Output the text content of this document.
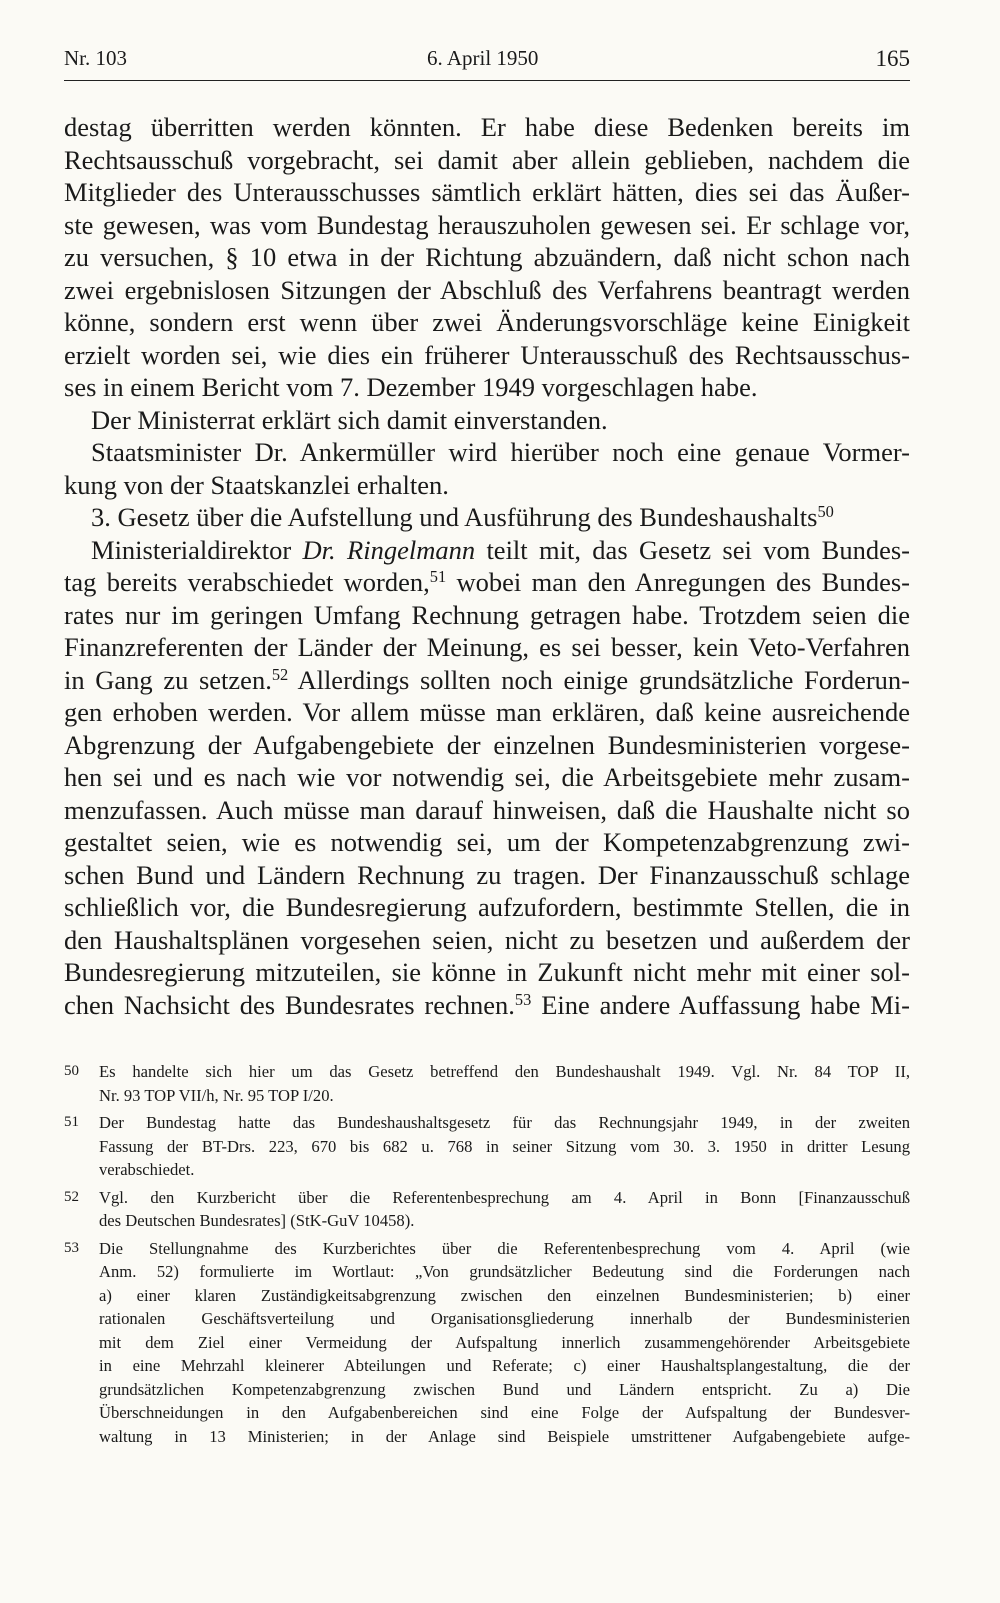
Nr. 103	6. April 1950	165
destag überritten werden könnten. Er habe diese Bedenken bereits im
Rechtsausschuß vorgebracht, sei damit aber allein geblieben, nachdem die
Mitglieder des Unterausschusses sämtlich erklärt hätten, dies sei das Äußer-
ste gewesen, was vom Bundestag herauszuholen gewesen sei. Er schlage vor,
zu versuchen, § 10 etwa in der Richtung abzuändern, daß nicht schon nach
zwei ergebnislosen Sitzungen der Abschluß des Verfahrens beantragt werden
könne, sondern erst wenn über zwei Änderungsvorschläge keine Einigkeit
erzielt worden sei, wie dies ein früherer Unterausschuß des Rechtsausschus-
ses in einem Bericht vom 7. Dezember 1949 vorgeschlagen habe.
Der Ministerrat erklärt sich damit einverstanden.
Staatsminister Dr. Ankermüller wird hierüber noch eine genaue Vormer-
kung von der Staatskanzlei erhalten.
3. Gesetz über die Aufstellung und Ausführung des Bundeshaushalts$^{50}$
Ministerialdirektor Dr. Ringelmann teilt mit, das Gesetz sei vom Bundes-
tag bereits verabschiedet worden,$^{51}$ wobei man den Anregungen des Bundes-
rates nur im geringen Umfang Rechnung getragen habe. Trotzdem seien die
Finanzreferenten der Länder der Meinung, es sei besser, kein Veto-Verfahren
in Gang zu setzen.$^{52}$ Allerdings sollten noch einige grundsätzliche Forderun-
gen erhoben werden. Vor allem müsse man erklären, daß keine ausreichende
Abgrenzung der Aufgabengebiete der einzelnen Bundesministerien vorgese-
hen sei und es nach wie vor notwendig sei, die Arbeitsgebiete mehr zusam-
menzufassen. Auch müsse man darauf hinweisen, daß die Haushalte nicht so
gestaltet seien, wie es notwendig sei, um der Kompetenzabgrenzung zwi-
schen Bund und Ländern Rechnung zu tragen. Der Finanzausschuß schlage
schließlich vor, die Bundesregierung aufzufordern, bestimmte Stellen, die in
den Haushaltsplänen vorgesehen seien, nicht zu besetzen und außerdem der
Bundesregierung mitzuteilen, sie könne in Zukunft nicht mehr mit einer sol-
chen Nachsicht des Bundesrates rechnen.$^{53}$ Eine andere Auffassung habe Mi-
50 Es handelte sich hier um das Gesetz betreffend den Bundeshaushalt 1949. Vgl. Nr. 84 TOP II,
Nr. 93 TOP VII/h, Nr. 95 TOP I/20.
51 Der Bundestag hatte das Bundeshaushaltsgesetz für das Rechnungsjahr 1949, in der zweiten
Fassung der BT-Drs. 223, 670 bis 682 u. 768 in seiner Sitzung vom 30. 3. 1950 in dritter Lesung
verabschiedet.
52 Vgl. den Kurzbericht über die Referentenbesprechung am 4. April in Bonn [Finanzausschuß
des Deutschen Bundesrates] (StK-GuV 10458).
53 Die Stellungnahme des Kurzberichtes über die Referentenbesprechung vom 4. April (wie
Anm. 52) formulierte im Wortlaut: „Von grundsätzlicher Bedeutung sind die Forderungen nach
a) einer klaren Zuständigkeitsabgrenzung zwischen den einzelnen Bundesministerien; b) einer
rationalen Geschäftsverteilung und Organisationsgliederung innerhalb der Bundesministerien
mit dem Ziel einer Vermeidung der Aufspaltung innerlich zusammengehörender Arbeitsgebiete
in eine Mehrzahl kleinerer Abteilungen und Referate; c) einer Haushaltsplangestaltung, die der
grundsätzlichen Kompetenzabgrenzung zwischen Bund und Ländern entspricht. Zu a) Die
Überschneidungen in den Aufgabenbereichen sind eine Folge der Aufspaltung der Bundesver-
waltung in 13 Ministerien; in der Anlage sind Beispiele umstrittener Aufgabengebiete aufge-
